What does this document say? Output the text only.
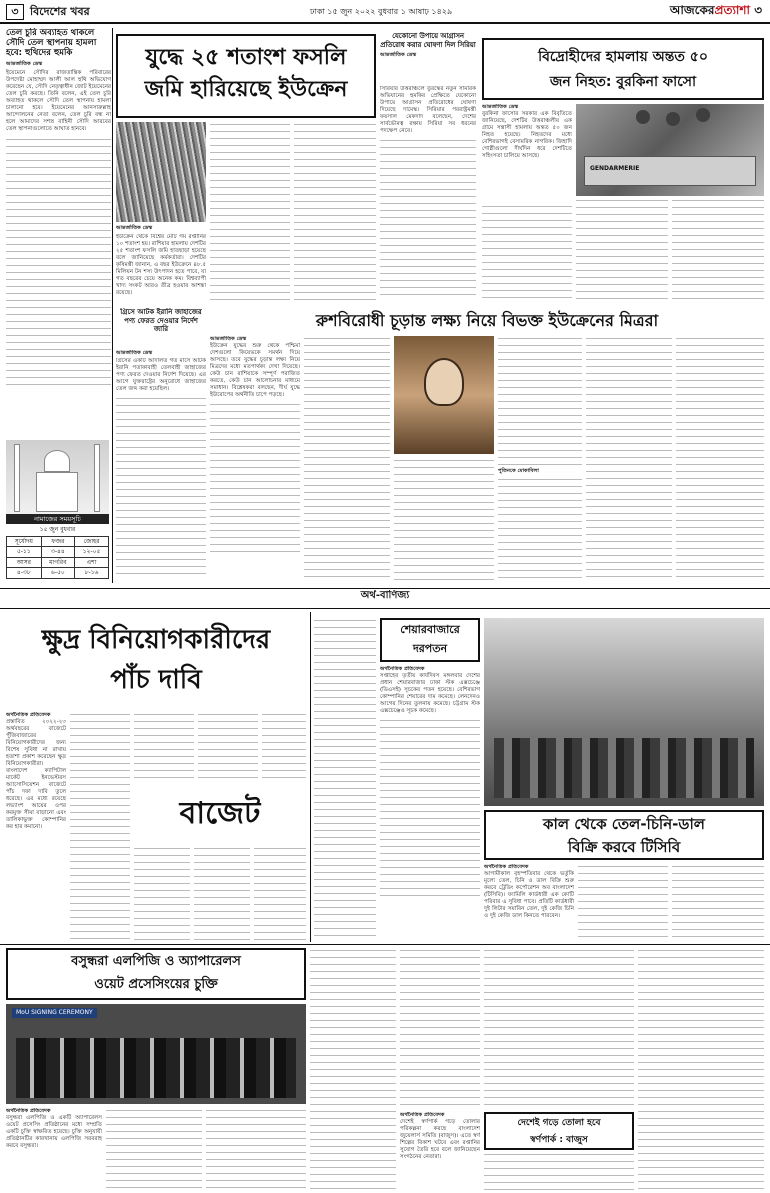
৩	বিদেশের খবর	ঢাকা ১৫ জুন ২০২২ বুধবার ১ আষাঢ় ১৪২৯	আজকেরপ্রত্যাশা ৩
তেল চুরি অব্যাহত থাকলে সৌদি তেল স্থাপনায় হামলা হবে: হুথিদের হুমকি
আন্তর্জাতিক ডেস্ক
ইয়েমেনে সৌদির রাজতান্ত্রিক পরিবারের উপদেষ্টা মোহাম্মদ আলী আল হুথি অভিযোগ করেছেন যে, সৌদি নেতৃত্বাধীন জোট ইয়েমেনের তেল চুরি করছে। তিনি বলেন, এই তেল চুরি অব্যাহত থাকলে সৌদি তেল স্থাপনায় হামলা চালানো হবে। ইয়েমেনের আনসারুল্লাহ আন্দোলনের নেতা বলেন, তেল চুরি বন্ধ না হলে আমাদের সশস্ত্র বাহিনী সৌদি আরবের তেল স্থাপনাগুলোতে আঘাত হানবে।
নামাজের সময়সূচি
১৫ জুন বুধবার
সূর্যোদয়	ফজর	জোহর
৫-১১	৩-৪৪	১২-০৫
আসর	মাগরিব	এশা
৪-৩৮	৬-৫০	৮-১৬
যুদ্ধে ২৫ শতাংশ ফসলি
জমি হারিয়েছে ইউক্রেন
আন্তর্জাতিক ডেস্ক
ইউক্রেন থেকে বিশ্বের মোট গম রপ্তানির ১০ শতাংশ হয়। রাশিয়ার হামলায় দেশটির ২৫ শতাংশ ফসলি জমি হাতছাড়া হয়েছে বলে জানিয়েছে কর্মকর্তারা। দেশটির কৃষিমন্ত্রী জানান, এ বছর ইউক্রেনে ৪৮.৫ মিলিয়ন টন শস্য উৎপাদন হতে পারে, যা গত বছরের চেয়ে অনেক কম। বিশ্বব্যাপী খাদ্য সংকট আরও তীব্র হওয়ার আশঙ্কা রয়েছে।
গ্রিসে আটক ইরানি জাহাজের পণ্য ফেরত দেওয়ার নির্দেশ জারি
আন্তর্জাতিক ডেস্ক
গ্রিসের একটি আদালত গত মাসে আটক ইরানি পতাকাবাহী তেলবাহী জাহাজের পণ্য ফেরত দেওয়ার নির্দেশ দিয়েছে। এর আগে যুক্তরাষ্ট্রের অনুরোধে জাহাজের তেল জব্দ করা হয়েছিল।
যেকোনো উপায়ে আগ্রাসন প্রতিরোধ করার ঘোষণা দিল সিরিয়া
আন্তর্জাতিক ডেস্ক
সিরিয়ার উত্তরাঞ্চলে তুরস্কের নতুন সামরিক অভিযানের হুমকির প্রেক্ষিতে যেকোনো উপায়ে আগ্রাসন প্রতিরোধের ঘোষণা দিয়েছে দামেস্ক। সিরিয়ার পররাষ্ট্রমন্ত্রী ফয়সাল মেকদাদ বলেছেন, দেশের সার্বভৌমত্ব রক্ষায় সিরিয়া সব ধরনের পদক্ষেপ নেবে।
বিদ্রোহীদের হামলায় অন্তত ৫০
জন নিহত: বুরকিনা ফাসো
আন্তর্জাতিক ডেস্ক
বুরকিনা ফাসোর সরকার এক বিবৃতিতে জানিয়েছে, দেশটির উত্তরাঞ্চলীয় এক গ্রামে সন্ত্রাসী হামলায় অন্তত ৫০ জন নিহত হয়েছে। নিহতদের মধ্যে বেশিরভাগই বেসামরিক নাগরিক। জিহাদি গোষ্ঠীগুলো দীর্ঘদিন ধরে দেশটিতে সহিংসতা চালিয়ে আসছে।
GENDARMERIE
রুশবিরোধী চূড়ান্ত লক্ষ্য নিয়ে বিভক্ত ইউক্রেনের মিত্ররা
আন্তর্জাতিক ডেস্ক
ইউক্রেন যুদ্ধের শুরু থেকে পশ্চিমা দেশগুলো কিয়েভকে সমর্থন দিয়ে আসছে। তবে যুদ্ধের চূড়ান্ত লক্ষ্য নিয়ে মিত্রদের মধ্যে মতপার্থক্য দেখা দিয়েছে। কেউ চান রাশিয়াকে সম্পূর্ণ পরাজিত করতে, কেউ চান আলোচনার মাধ্যমে সমাধান। বিশ্লেষকরা বলছেন, দীর্ঘ যুদ্ধে ইউরোপের অর্থনীতি চাপে পড়ছে।
পুতিনকে মোকাবিলা
অর্থ-বাণিজ্য
ক্ষুদ্র বিনিয়োগকারীদের
পাঁচ দাবি
অর্থনৈতিক প্রতিবেদক
প্রস্তাবিত ২০২২-২৩ অর্থবছরের বাজেটে পুঁজিবাজারের বিনিয়োগকারীদের জন্য বিশেষ সুবিধা না রাখায় হতাশা প্রকাশ করেছেন ক্ষুদ্র বিনিয়োগকারীরা। বাংলাদেশ ক্যাপিটাল মার্কেট ইনভেস্টরস অ্যাসোসিয়েশন বাজেটে পাঁচ দফা দাবি তুলে ধরেছে। এর মধ্যে রয়েছে লভ্যাংশ আয়ের ওপর করমুক্ত সীমা বাড়ানো এবং তালিকাভুক্ত কোম্পানির কর হার কমানো।	বাজেট
শেয়ারবাজারে
দরপতন
অর্থনৈতিক প্রতিবেদক
সপ্তাহের তৃতীয় কার্যদিবস মঙ্গলবার দেশের প্রধান শেয়ারবাজার ঢাকা স্টক এক্সচেঞ্জে (ডিএসই) সূচকের পতন হয়েছে। বেশিরভাগ কোম্পানির শেয়ারের দাম কমেছে। লেনদেনও আগের দিনের তুলনায় কমেছে। চট্টগ্রাম স্টক এক্সচেঞ্জেও সূচক কমেছে।
কাল থেকে তেল-চিনি-ডাল
বিক্রি করবে টিসিবি
অর্থনৈতিক প্রতিবেদক
আগামীকাল বৃহস্পতিবার থেকে ভর্তুকি মূল্যে তেল, চিনি ও ডাল বিক্রি শুরু করবে ট্রেডিং কর্পোরেশন অব বাংলাদেশ (টিসিবি)। ফ্যামিলি কার্ডধারী এক কোটি পরিবার এ সুবিধা পাবে। প্রতিটি কার্ডধারী দুই লিটার সয়াবিন তেল, দুই কেজি চিনি ও দুই কেজি ডাল কিনতে পারবেন।
বসুন্ধরা এলপিজি ও অ্যাপারেলস
ওয়েট প্রসেসিংয়ের চুক্তি
MoU SIGNING CEREMONY
অর্থনৈতিক প্রতিবেদক
বসুন্ধরা এলপিজি ও একটি অ্যাপারেলস ওয়েট প্রসেসিং প্রতিষ্ঠানের মধ্যে সম্প্রতি একটি চুক্তি স্বাক্ষরিত হয়েছে। চুক্তি অনুযায়ী প্রতিষ্ঠানটির কারখানায় এলপিজি সরবরাহ করবে বসুন্ধরা।
দেশেই গড়ে তোলা হবে
স্বর্ণপার্ক : বাজুস
অর্থনৈতিক প্রতিবেদক
দেশেই স্বর্ণপার্ক গড়ে তোলার পরিকল্পনা করছে বাংলাদেশ জুয়েলার্স সমিতি (বাজুস)। এতে স্বর্ণ শিল্পের বিকাশ ঘটবে এবং রপ্তানির সুযোগ তৈরি হবে বলে জানিয়েছেন সংগঠনের নেতারা।
